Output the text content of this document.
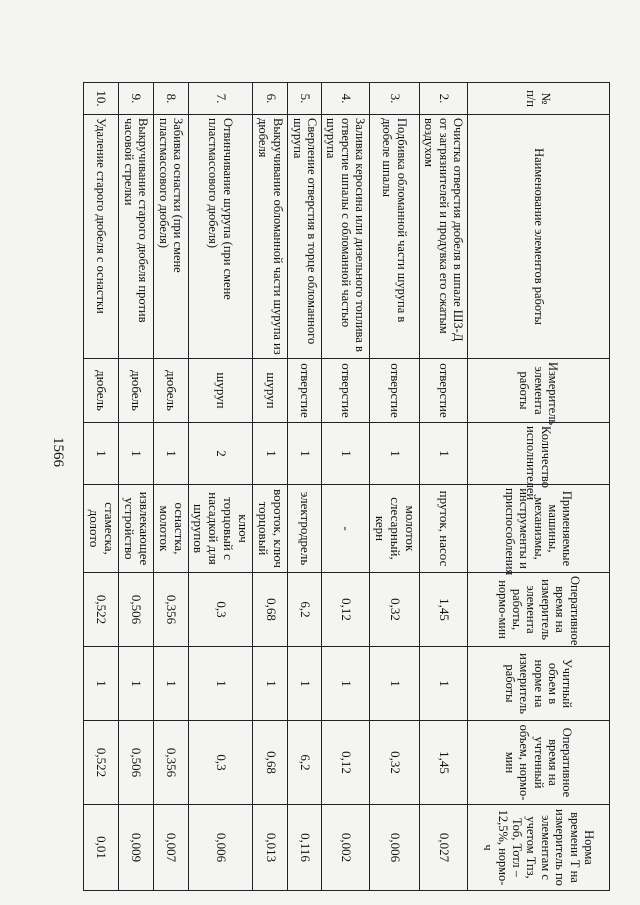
1566
№ п/п	Наименование элементов работы	Измеритель элемента работы	Количество исполнителей	Применяемые машины, механизмы, инструменты и приспособления	Оперативное время на измеритель элемента работы, нормо-мин	Учитный объем в норме на измеритель работы	Оперативное время на учтенный объем, нормо-мин	Норма времени Т на измеритель по элементам с учетом Тпз, Тоб, Тотл – 12,5%, нормо-ч
2.	Очистка отверстия дюбеля в шпале ШЗ-Д от загрязнителей и продувка его сжатым воздухом	отверстие	1	пруток, насос	1,45	1	1,45	0,027
3.	Подбивка обломанной части шурупа в дюбеле шпалы	отверстие	1	молоток слесарный, керн	0,32	1	0,32	0,006
4.	Заливка керосина или дизельного топлива в отверстие шпалы с обломанной частью шурупа	отверстие	1	-	0,12	1	0,12	0,002
5.	Сверление отверстия в торце обломанного шурупа	отверстие	1	электродрель	6,2	1	6,2	0,116
6.	Выкручивание обломанной части шурупа из дюбеля	шуруп	1	вороток, ключ торцовый	0,68	1	0,68	0,013
7.	Отвинчивание шурупа (при смене пластмассового дюбеля)	шуруп	2	ключ торцовый с насадкой для шурупов	0,3	1	0,3	0,006
8.	Забивка оснастки (при смене пластмассового дюбеля)	дюбель	1	оснастка, молоток	0,356	1	0,356	0,007
9.	Выкручивание старого дюбеля против часовой стрелки	дюбель	1	извлекающее устройство	0,506	1	0,506	0,009
10.	Удаление старого дюбеля с оснастки	дюбель	1	стамеска, долото	0,522	1	0,522	0,01
